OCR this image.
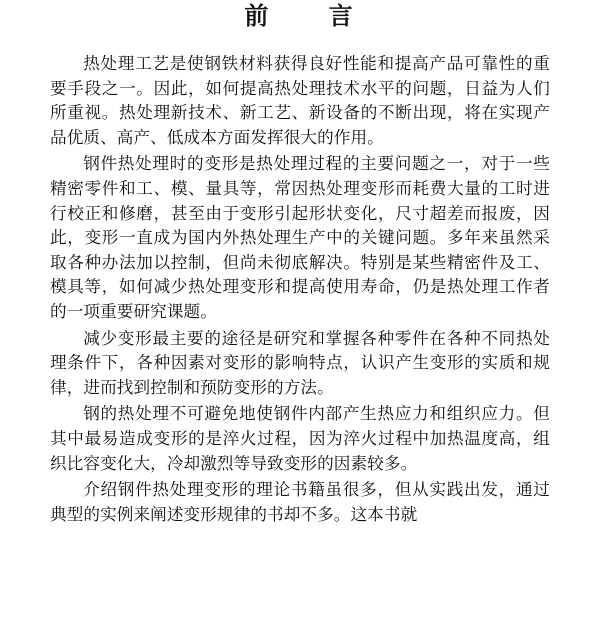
前 言

热处理工艺是使钢铁材料获得良好性能和提高产品可靠性的重要手段之一。因此，如何提高热处理技术水平的问题，日益为人们所重视。热处理新技术、新工艺、新设备的不断出现，将在实现产品优质、高产、低成本方面发挥很大的作用。

钢件热处理时的变形是热处理过程的主要问题之一，对于一些精密零件和工、模、量具等，常因热处理变形而耗费大量的工时进行校正和修磨，甚至由于变形引起形状变化，尺寸超差而报废，因此，变形一直成为国内外热处理生产中的关键问题。多年来虽然采取各种办法加以控制，但尚未彻底解决。特别是某些精密件及工、模具等，如何减少热处理变形和提高使用寿命，仍是热处理工作者的一项重要研究课题。

减少变形最主要的途径是研究和掌握各种零件在各种不同热处理条件下，各种因素对变形的影响特点，认识产生变形的实质和规律，进而找到控制和预防变形的方法。

钢的热处理不可避免地使钢件内部产生热应力和组织应力。但其中最易造成变形的是淬火过程，因为淬火过程中加热温度高，组织比容变化大，冷却激烈等导致变形的因素较多。

介绍钢件热处理变形的理论书籍虽很多，但从实践出发，通过典型的实例来阐述变形规律的书却不多。这本书就
